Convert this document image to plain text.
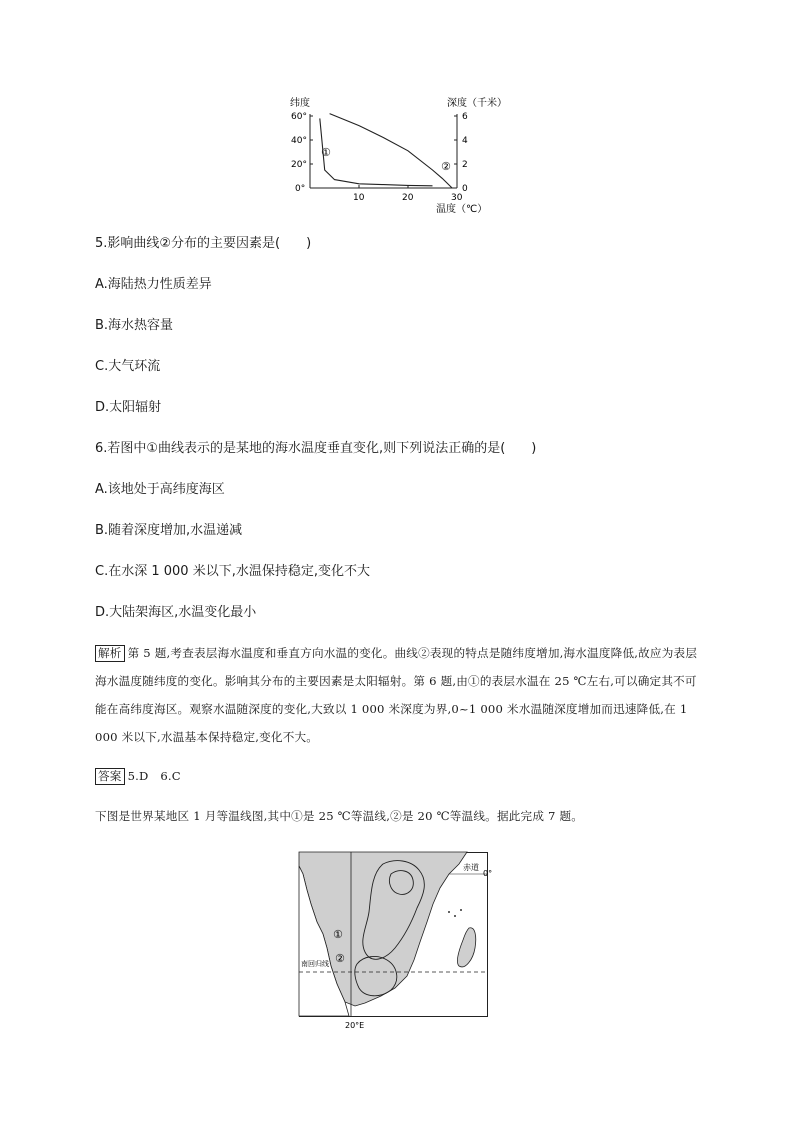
纬度	深度（千米）
60°
40°
20°
0°
6
4
2
0
10	20	30
温度（℃）
①
②
5.影响曲线②分布的主要因素是(　　)
A.海陆热力性质差异
B.海水热容量
C.大气环流
D.太阳辐射
6.若图中①曲线表示的是某地的海水温度垂直变化,则下列说法正确的是(　　)
A.该地处于高纬度海区
B.随着深度增加,水温递减
C.在水深 1 000 米以下,水温保持稳定,变化不大
D.大陆架海区,水温变化最小
解析 第 5 题,考查表层海水温度和垂直方向水温的变化。曲线②表现的特点是随纬度增加,海水温度降低,故应为表层海水温度随纬度的变化。影响其分布的主要因素是太阳辐射。第 6 题,由①的表层水温在 25 ℃左右,可以确定其不可能在高纬度海区。观察水温随深度的变化,大致以 1 000 米深度为界,0~1 000 米水温随深度增加而迅速降低,在 1 000 米以下,水温基本保持稳定,变化不大。
答案 5.D　6.C
下图是世界某地区 1 月等温线图,其中①是 25 ℃等温线,②是 20 ℃等温线。据此完成 7 题。
赤道
0°
南回归线
20°E
①
②
